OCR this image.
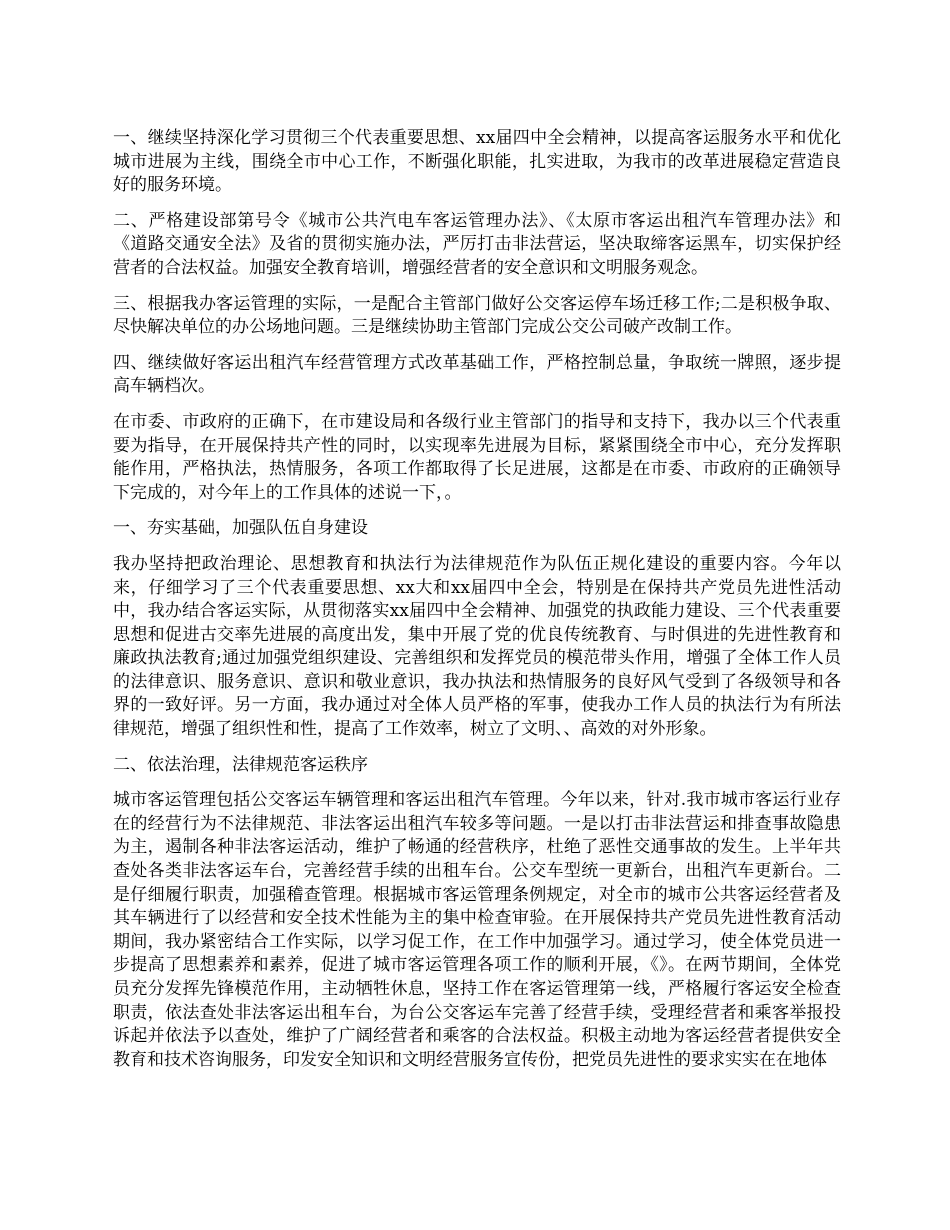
一、继续坚持深化学习贯彻三个代表重要思想、xx届四中全会精神，以提高客运服务水平和优化城市进展为主线，围绕全市中心工作，不断强化职能，扎实进取，为我市的改革进展稳定营造良好的服务环境。

二、严格建设部第号令《城市公共汽电车客运管理办法》、《太原市客运出租汽车管理办法》和《道路交通安全法》及省的贯彻实施办法，严厉打击非法营运，坚决取缔客运黑车，切实保护经营者的合法权益。加强安全教育培训，增强经营者的安全意识和文明服务观念。

三、根据我办客运管理的实际，一是配合主管部门做好公交客运停车场迁移工作;二是积极争取、尽快解决单位的办公场地问题。三是继续协助主管部门完成公交公司破产改制工作。

四、继续做好客运出租汽车经营管理方式改革基础工作，严格控制总量，争取统一牌照，逐步提高车辆档次。

在市委、市政府的正确下，在市建设局和各级行业主管部门的指导和支持下，我办以三个代表重要为指导，在开展保持共产性的同时，以实现率先进展为目标，紧紧围绕全市中心，充分发挥职能作用，严格执法，热情服务，各项工作都取得了长足进展，这都是在市委、市政府的正确领导下完成的，对今年上的工作具体的述说一下，。

一、夯实基础，加强队伍自身建设

我办坚持把政治理论、思想教育和执法行为法律规范作为队伍正规化建设的重要内容。今年以来，仔细学习了三个代表重要思想、xx大和xx届四中全会，特别是在保持共产党员先进性活动中，我办结合客运实际，从贯彻落实xx届四中全会精神、加强党的执政能力建设、三个代表重要思想和促进古交率先进展的高度出发，集中开展了党的优良传统教育、与时俱进的先进性教育和廉政执法教育;通过加强党组织建设、完善组织和发挥党员的模范带头作用，增强了全体工作人员的法律意识、服务意识、意识和敬业意识，我办执法和热情服务的良好风气受到了各级领导和各界的一致好评。另一方面，我办通过对全体人员严格的军事，使我办工作人员的执法行为有所法律规范，增强了组织性和性，提高了工作效率，树立了文明、、高效的对外形象。

二、依法治理，法律规范客运秩序

城市客运管理包括公交客运车辆管理和客运出租汽车管理。今年以来，针对.我市城市客运行业存在的经营行为不法律规范、非法客运出租汽车较多等问题。一是以打击非法营运和排查事故隐患为主，遏制各种非法客运活动，维护了畅通的经营秩序，杜绝了恶性交通事故的发生。上半年共查处各类非法客运车台，完善经营手续的出租车台。公交车型统一更新台，出租汽车更新台。二是仔细履行职责，加强稽查管理。根据城市客运管理条例规定，对全市的城市公共客运经营者及其车辆进行了以经营和安全技术性能为主的集中检查审验。在开展保持共产党员先进性教育活动期间，我办紧密结合工作实际，以学习促工作，在工作中加强学习。通过学习，使全体党员进一步提高了思想素养和素养，促进了城市客运管理各项工作的顺利开展，《》。在两节期间，全体党员充分发挥先锋模范作用，主动牺牲休息，坚持工作在客运管理第一线，严格履行客运安全检查职责，依法查处非法客运出租车台，为台公交客运车完善了经营手续，受理经营者和乘客举报投诉起并依法予以查处，维护了广阔经营者和乘客的合法权益。积极主动地为客运经营者提供安全教育和技术咨询服务，印发安全知识和文明经营服务宣传份，把党员先进性的要求实实在在地体
